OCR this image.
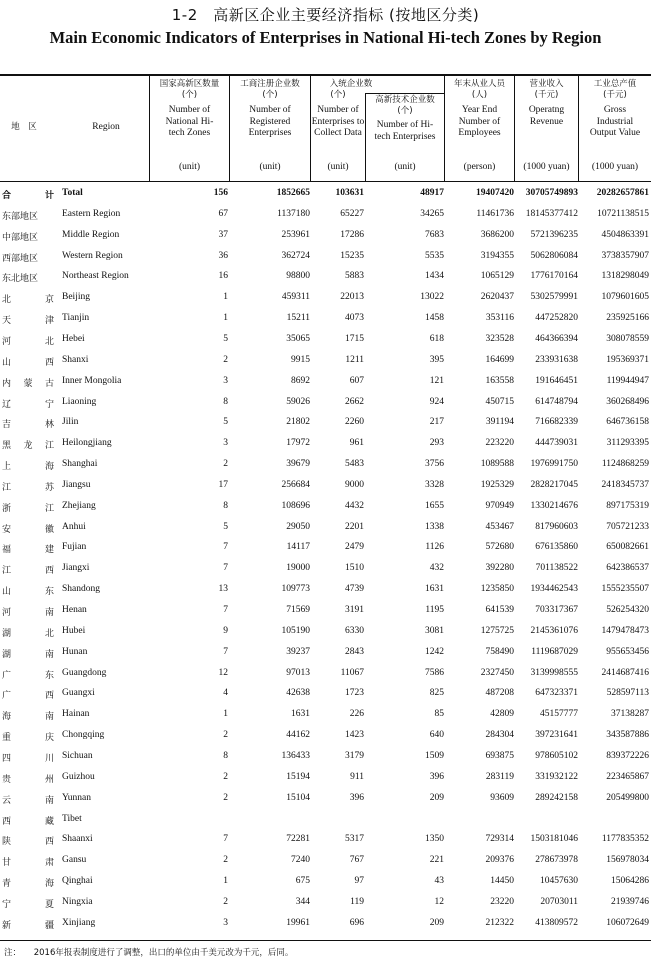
1-2　高新区企业主要经济指标 (按地区分类)
Main Economic Indicators of Enterprises in National Hi-tech Zones by Region
地　区	Region
国家高新区数量
(个)
Number of National Hi-tech Zones
工商注册企业数
(个)
Number of Registered Enterprises
入统企业数
(个)
Number of Enterprises to Collect Data
高新技术企业数
(个)
Number of Hi-tech Enterprises
年末从业人员
(人)
Year End Number of Employees
营业收入
(千元)
Operatng Revenue
工业总产值
(千元)
Gross Industrial Output Value
(unit)	(unit)	(unit)	(unit)	(person)	(1000 yuan)	(1000 yuan)
合	计 Total	156	1852665	103631	48917	19407420	30705749893	20282657861
东部地区	Eastern Region	67	1137180	65227	34265	11461736	18145377412	10721138515
中部地区	Middle Region	37	253961	17286	7683	3686200	5721396235	4504863391
西部地区	Western Region	36	362724	15235	5535	3194355	5062806084	3738357907
东北地区	Northeast Region	16	98800	5883	1434	1065129	1776170164	1318298049
北	京 Beijing	1	459311	22013	13022	2620437	5302579991	1079601605
天	津 Tianjin	1	15211	4073	1458	353116	447252820	235925166
河	北 Hebei	5	35065	1715	618	323528	464366394	308078559
山	西 Shanxi	2	9915	1211	395	164699	233931638	195369371
内 蒙 古 Inner Mongolia	3	8692	607	121	163558	191646451	119944947
辽	宁 Liaoning	8	59026	2662	924	450715	614748794	360268496
吉	林 Jilin	5	21802	2260	217	391194	716682339	646736158
黑 龙 江 Heilongjiang	3	17972	961	293	223220	444739031	311293395
上	海 Shanghai	2	39679	5483	3756	1089588	1976991750	1124868259
江	苏 Jiangsu	17	256684	9000	3328	1925329	2828217045	2418345737
浙	江 Zhejiang	8	108696	4432	1655	970949	1330214676	897175319
安	徽 Anhui	5	29050	2201	1338	453467	817960603	705721233
福	建 Fujian	7	14117	2479	1126	572680	676135860	650082661
江	西 Jiangxi	7	19000	1510	432	392280	701138522	642386537
山	东 Shandong	13	109773	4739	1631	1235850	1934462543	1555235507
河	南 Henan	7	71569	3191	1195	641539	703317367	526254320
湖	北 Hubei	9	105190	6330	3081	1275725	2145361076	1479478473
湖	南 Hunan	7	39237	2843	1242	758490	1119687029	955653456
广	东 Guangdong	12	97013	11067	7586	2327450	3139998555	2414687416
广	西 Guangxi	4	42638	1723	825	487208	647323371	528597113
海	南 Hainan	1	1631	226	85	42809	45157777	37138287
重	庆 Chongqing	2	44162	1423	640	284304	397231641	343587886
四	川 Sichuan	8	136433	3179	1509	693875	978605102	839372226
贵	州 Guizhou	2	15194	911	396	283119	331932122	223465867
云	南 Yunnan	2	15104	396	209	93609	289242158	205499800
西	藏 Tibet
陕	西 Shaanxi	7	72281	5317	1350	729314	1503181046	1177835352
甘	肃 Gansu	2	7240	767	221	209376	278673978	156978034
青	海 Qinghai	1	675	97	43	14450	10457630	15064286
宁	夏 Ningxia	2	344	119	12	23220	20703011	21939746
新	疆 Xinjiang	3	19961	696	209	212322	413809572	106072649
注： 2016年报表制度进行了调整，出口的单位由千美元改为千元，后同。
